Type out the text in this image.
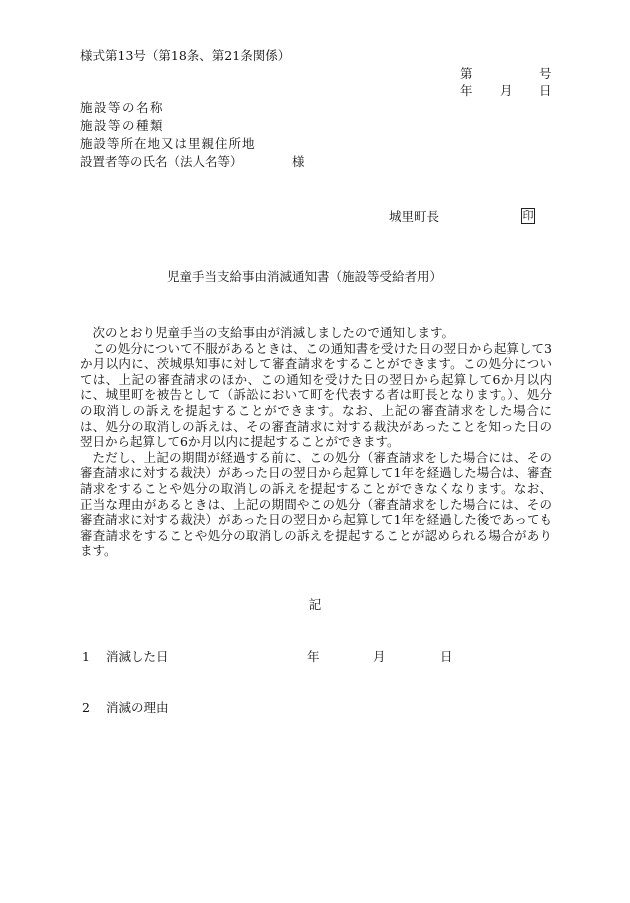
様式第13号（第18条、第21条関係）
第	号
年 月 日
施設等の名称
施設等の種類
施設等所在地又は里親住所地
設置者等の氏名（法人名等）	様
城里町長	印
児童手当支給事由消滅通知書（施設等受給者用）

次のとおり児童手当の支給事由が消滅しましたので通知します。

この処分について不服があるときは、この通知書を受けた日の翌日から起算して3か月以内に、茨城県知事に対して審査請求をすることができます。この処分については、上記の審査請求のほか、この通知を受けた日の翌日から起算して6か月以内に、城里町を被告として（訴訟において町を代表する者は町長となります。）、処分の取消しの訴えを提起することができます。なお、上記の審査請求をした場合には、処分の取消しの訴えは、その審査請求に対する裁決があったことを知った日の翌日から起算して6か月以内に提起することができます。

ただし、上記の期間が経過する前に、この処分（審査請求をした場合には、その審査請求に対する裁決）があった日の翌日から起算して1年を経過した場合は、審査請求をすることや処分の取消しの訴えを提起することができなくなります。なお、正当な理由があるときは、上記の期間やこの処分（審査請求をした場合には、その審査請求に対する裁決）があった日の翌日から起算して1年を経過した後であっても審査請求をすることや処分の取消しの訴えを提起することが認められる場合があります。

記
1 消滅した日	年	月	日
2 消滅の理由
